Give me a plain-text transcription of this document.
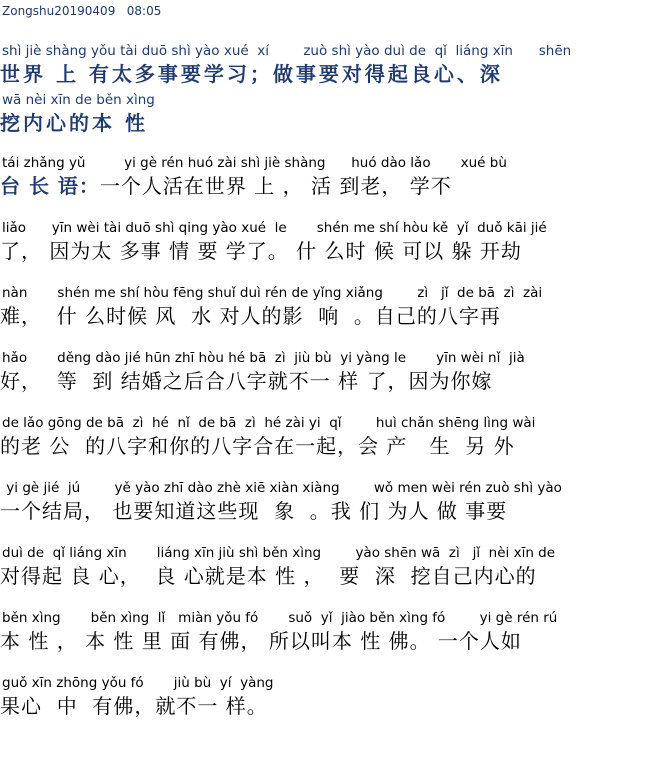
Zongshu20190409 08:05
shì jiè shàng yǒu tài duō shì yào xué  xí        zuò shì yào duì de  qǐ  liáng xīn      shēn
世界 上 有太多事要学习；做事要对得起良心、深
wā nèi xīn de běn xìng
挖内心的本 性
tái zhǎng yǔ         yi gè rén huó zài shì jiè shàng      huó dào lǎo       xué bù
台 长 语：一个人活在世界 上 ， 活 到老， 学不
liǎo      yīn wèi tài duō shì qing yào xué  le       shén me shí hòu kě  yǐ  duǒ kāi jié
了， 因为太 多事 情 要 学了。 什 么时 候 可以 躲 开劫
nàn       shén me shí hòu fēng shuǐ duì rén de yǐng xiǎng        zì   jǐ  de bā  zì  zài
难，  什 么时候 风  水 对人的影  响  。自己的八字再
hǎo       děng dào jié hūn zhī hòu hé bā  zì  jiù bù  yi yàng le       yīn wèi nǐ  jià
好，  等  到 结婚之后合八字就不一 样 了，因为你嫁
de lǎo gōng de bā  zì  hé  nǐ  de bā  zì  hé zài yi  qǐ        huì chǎn shēng lìng wài
的老 公  的八字和你的八字合在一起，会 产   生  另 外
yi gè jié  jú        yě yào zhī dào zhè xiē xiàn xiàng        wǒ men wèi rén zuò shì yào
一个结局， 也要知道这些现  象  。我 们 为人 做 事要
duì de  qǐ liáng xīn       liáng xīn jiù shì běn xìng        yào shēn wā  zì   jǐ  nèi xīn de
对得起 良 心，  良 心就是本 性 ，  要  深  挖自己内心的
běn xìng       běn xìng  lǐ   miàn yǒu fó       suǒ  yǐ  jiào běn xìng fó        yi gè rén rú
本 性 ， 本 性 里 面 有佛， 所以叫本 性 佛。 一个人如
guǒ xīn zhōng yǒu fó       jiù bù  yí  yàng
果心  中  有佛，就不一 样。
